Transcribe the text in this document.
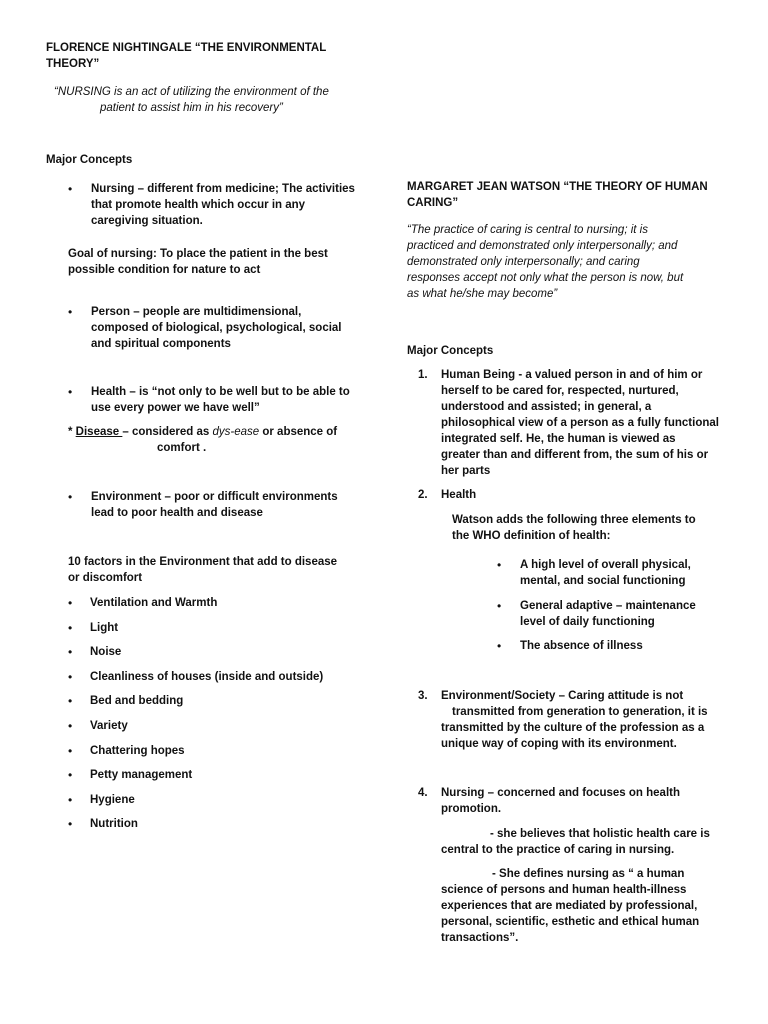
FLORENCE NIGHTINGALE “THE ENVIRONMENTAL
THEORY”
“NURSING is an act of utilizing the environment of the
patient to assist him in his recovery”
Major Concepts
Nursing – different from medicine; The activities
that promote health which occur in any
caregiving situation.
Goal of nursing: To place the patient in the best
possible condition for nature to act
Person – people are multidimensional,
composed of biological, psychological, social
and spiritual components
Health – is “not only to be well but to be able to
use every power we have well”
* Disease – considered as dys-ease or absence of
comfort .
Environment – poor or difficult environments
lead to poor health and disease
10 factors in the Environment that add to disease
or discomfort
Ventilation and Warmth
Light
Noise
Cleanliness of houses (inside and outside)
Bed and bedding
Variety
Chattering hopes
Petty management
Hygiene
Nutrition
MARGARET JEAN WATSON “THE THEORY OF HUMAN
CARING”
“The practice of caring is central to nursing; it is
practiced and demonstrated only interpersonally; and
demonstrated only interpersonally; and caring
responses accept not only what the person is now, but
as what he/she may become”
Major Concepts
1. Human Being - a valued person in and of him or
herself to be cared for, respected, nurtured,
understood and assisted; in general, a
philosophical view of a person as a fully functional
integrated self. He, the human is viewed as
greater than and different from, the sum of his or
her parts
2. Health
Watson adds the following three elements to
the WHO definition of health:
A high level of overall physical,
mental, and social functioning
General adaptive – maintenance
level of daily functioning
The absence of illness
3. Environment/Society – Caring attitude is not
transmitted from generation to generation, it is
transmitted by the culture of the profession as a
unique way of coping with its environment.
4. Nursing – concerned and focuses on health
promotion.
- she believes that holistic health care is
central to the practice of caring in nursing.
- She defines nursing as “ a human
science of persons and human health-illness
experiences that are mediated by professional,
personal, scientific, esthetic and ethical human
transactions”.
